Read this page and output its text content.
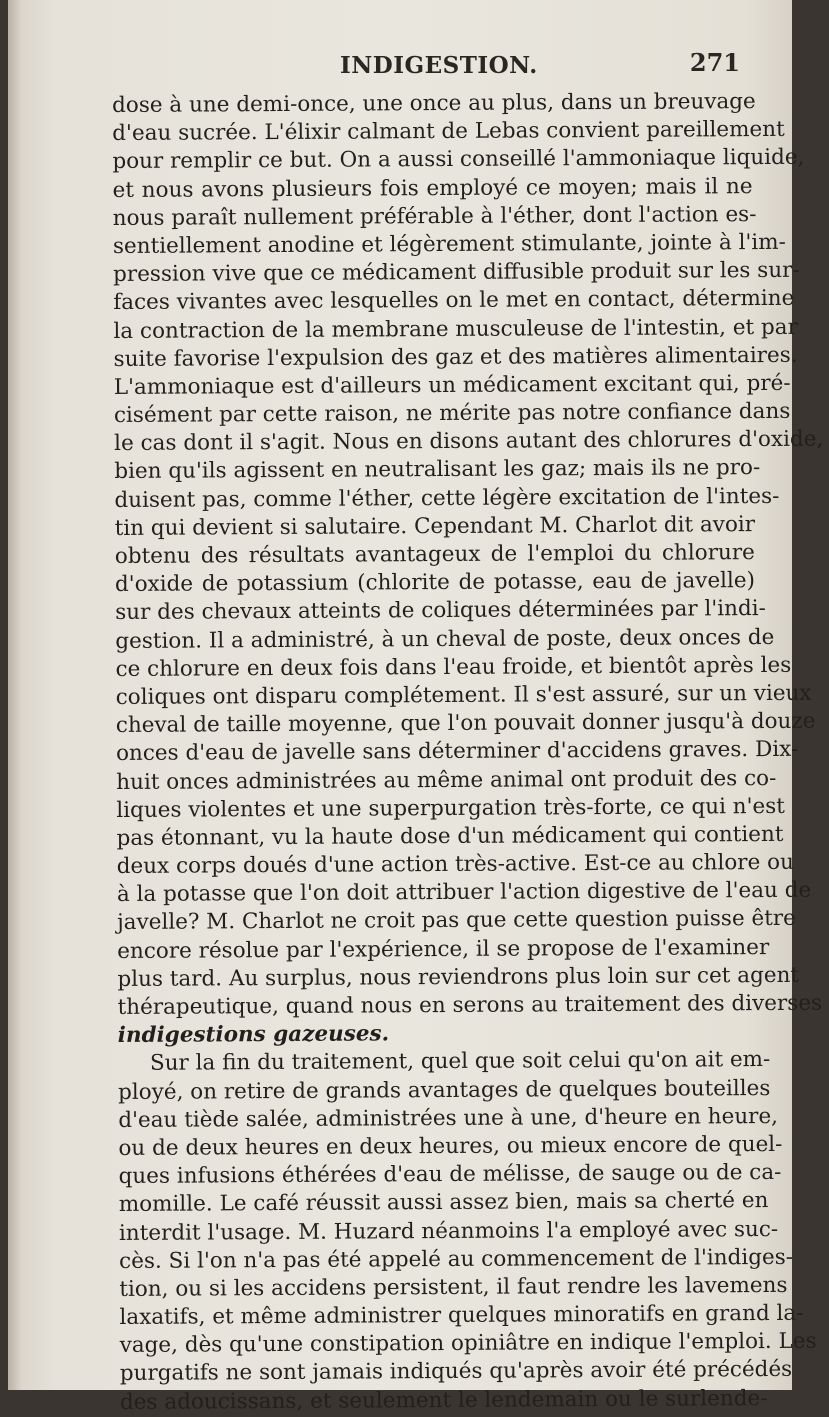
INDIGESTION.	271
dose à une demi-once, une once au plus, dans un breuvage
d'eau sucrée. L'élixir calmant de Lebas convient pareillement
pour remplir ce but. On a aussi conseillé l'ammoniaque liquide,
et nous avons plusieurs fois employé ce moyen; mais il ne
nous paraît nullement préférable à l'éther, dont l'action es-
sentiellement anodine et légèrement stimulante, jointe à l'im-
pression vive que ce médicament diffusible produit sur les sur-
faces vivantes avec lesquelles on le met en contact, détermine
la contraction de la membrane musculeuse de l'intestin, et par
suite favorise l'expulsion des gaz et des matières alimentaires.
L'ammoniaque est d'ailleurs un médicament excitant qui, pré-
cisément par cette raison, ne mérite pas notre confiance dans
le cas dont il s'agit. Nous en disons autant des chlorures d'oxide,
bien qu'ils agissent en neutralisant les gaz; mais ils ne pro-
duisent pas, comme l'éther, cette légère excitation de l'intes-
tin qui devient si salutaire. Cependant M. Charlot dit avoir
obtenu des résultats avantageux de l'emploi du chlorure
d'oxide de potassium (chlorite de potasse, eau de javelle)
sur des chevaux atteints de coliques déterminées par l'indi-
gestion. Il a administré, à un cheval de poste, deux onces de
ce chlorure en deux fois dans l'eau froide, et bientôt après les
coliques ont disparu complétement. Il s'est assuré, sur un vieux
cheval de taille moyenne, que l'on pouvait donner jusqu'à douze
onces d'eau de javelle sans déterminer d'accidens graves. Dix-
huit onces administrées au même animal ont produit des co-
liques violentes et une superpurgation très-forte, ce qui n'est
pas étonnant, vu la haute dose d'un médicament qui contient
deux corps doués d'une action très-active. Est-ce au chlore ou
à la potasse que l'on doit attribuer l'action digestive de l'eau de
javelle? M. Charlot ne croit pas que cette question puisse être
encore résolue par l'expérience, il se propose de l'examiner
plus tard. Au surplus, nous reviendrons plus loin sur cet agent
thérapeutique, quand nous en serons au traitement des diverses
indigestions gazeuses.
Sur la fin du traitement, quel que soit celui qu'on ait em-
ployé, on retire de grands avantages de quelques bouteilles
d'eau tiède salée, administrées une à une, d'heure en heure,
ou de deux heures en deux heures, ou mieux encore de quel-
ques infusions éthérées d'eau de mélisse, de sauge ou de ca-
momille. Le café réussit aussi assez bien, mais sa cherté en
interdit l'usage. M. Huzard néanmoins l'a employé avec suc-
cès. Si l'on n'a pas été appelé au commencement de l'indiges-
tion, ou si les accidens persistent, il faut rendre les lavemens
laxatifs, et même administrer quelques minoratifs en grand la-
vage, dès qu'une constipation opiniâtre en indique l'emploi. Les
purgatifs ne sont jamais indiqués qu'après avoir été précédés
des adoucissans, et seulement le lendemain ou le surlende-
